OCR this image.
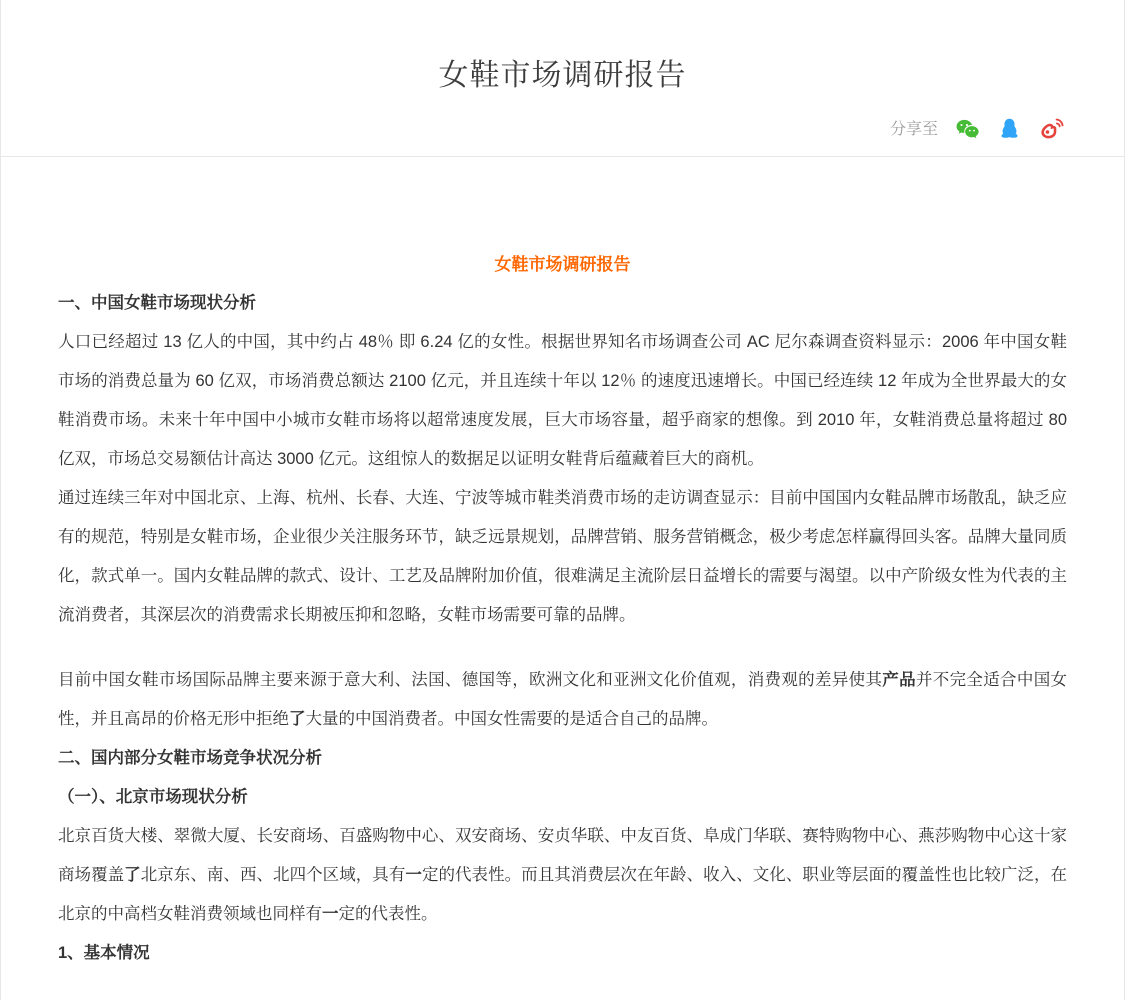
女鞋市场调研报告
分享至
女鞋市场调研报告
一、中国女鞋市场现状分析
人口已经超过 13 亿人的中国，其中约占 48％ 即 6.24 亿的女性。根据世界知名市场调查公司 AC 尼尔森调查资料显示：2006 年中国女鞋市场的消费总量为 60 亿双，市场消费总额达 2100 亿元，并且连续十年以 12％ 的速度迅速增长。中国已经连续 12 年成为全世界最大的女鞋消费市场。未来十年中国中小城市女鞋市场将以超常速度发展，巨大市场容量，超乎商家的想像。到 2010 年，女鞋消费总量将超过 80 亿双，市场总交易额估计高达 3000 亿元。这组惊人的数据足以证明女鞋背后蕴藏着巨大的商机。
通过连续三年对中国北京、上海、杭州、长春、大连、宁波等城市鞋类消费市场的走访调查显示：目前中国国内女鞋品牌市场散乱，缺乏应有的规范，特别是女鞋市场，企业很少关注服务环节，缺乏远景规划，品牌营销、服务营销概念，极少考虑怎样赢得回头客。品牌大量同质化，款式单一。国内女鞋品牌的款式、设计、工艺及品牌附加价值，很难满足主流阶层日益增长的需要与渴望。以中产阶级女性为代表的主流消费者，其深层次的消费需求长期被压抑和忽略，女鞋市场需要可靠的品牌。
目前中国女鞋市场国际品牌主要来源于意大利、法国、德国等，欧洲文化和亚洲文化价值观，消费观的差异使其产品并不完全适合中国女性，并且高昂的价格无形中拒绝了大量的中国消费者。中国女性需要的是适合自己的品牌。
二、国内部分女鞋市场竞争状况分析
（一）、北京市场现状分析
北京百货大楼、翠微大厦、长安商场、百盛购物中心、双安商场、安贞华联、中友百货、阜成门华联、赛特购物中心、燕莎购物中心这十家商场覆盖了北京东、南、西、北四个区域，具有一定的代表性。而且其消费层次在年龄、收入、文化、职业等层面的覆盖性也比较广泛，在北京的中高档女鞋消费领域也同样有一定的代表性。
1、基本情况
